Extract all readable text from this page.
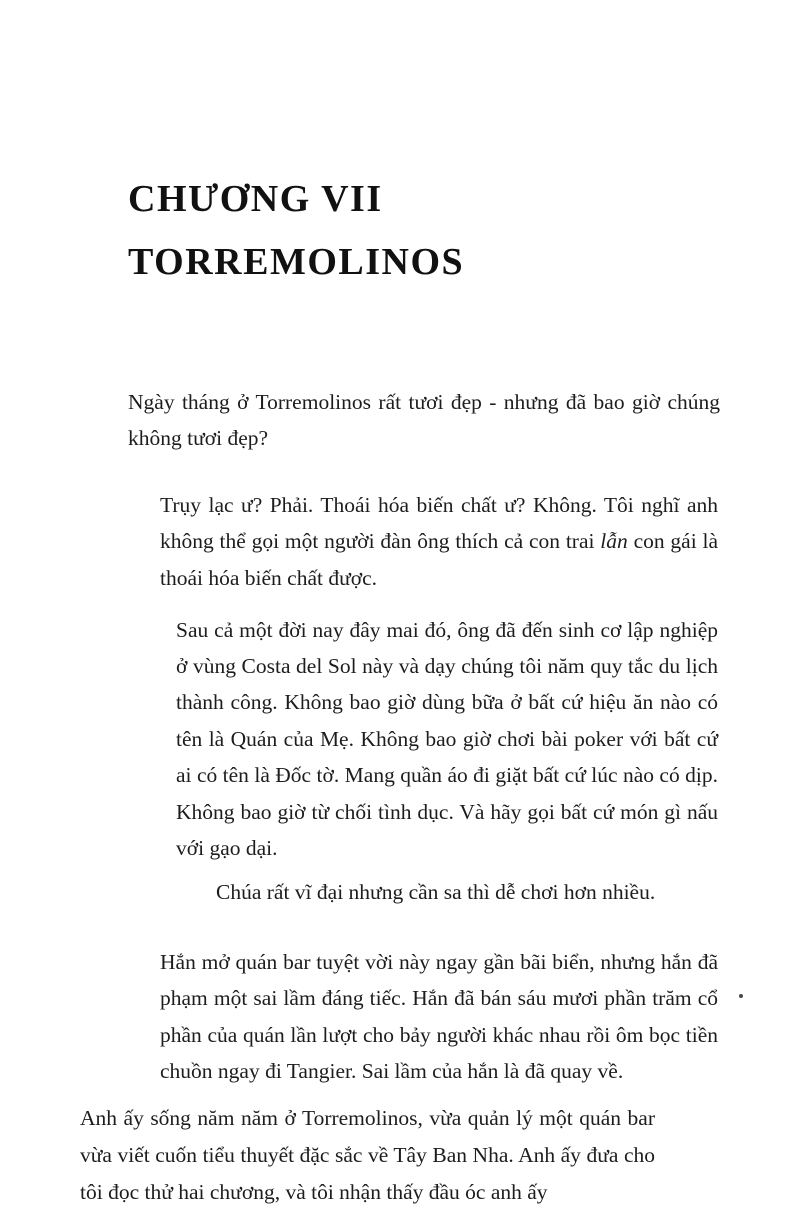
CHƯƠNG VII
TORREMOLINOS

Ngày tháng ở Torremolinos rất tươi đẹp - nhưng đã bao giờ chúng không tươi đẹp?

Trụy lạc ư? Phải. Thoái hóa biến chất ư? Không. Tôi nghĩ anh không thể gọi một người đàn ông thích cả con trai lẫn con gái là thoái hóa biến chất được.

Sau cả một đời nay đây mai đó, ông đã đến sinh cơ lập nghiệp ở vùng Costa del Sol này và dạy chúng tôi năm quy tắc du lịch thành công. Không bao giờ dùng bữa ở bất cứ hiệu ăn nào có tên là Quán của Mẹ. Không bao giờ chơi bài poker với bất cứ ai có tên là Đốc tờ. Mang quần áo đi giặt bất cứ lúc nào có dịp. Không bao giờ từ chối tình dục. Và hãy gọi bất cứ món gì nấu với gạo dại.

Chúa rất vĩ đại nhưng cần sa thì dễ chơi hơn nhiều.

Hắn mở quán bar tuyệt vời này ngay gần bãi biển, nhưng hắn đã phạm một sai lầm đáng tiếc. Hắn đã bán sáu mươi phần trăm cổ phần của quán lần lượt cho bảy người khác nhau rồi ôm bọc tiền chuồn ngay đi Tangier. Sai lầm của hắn là đã quay về.

Anh ấy sống năm năm ở Torremolinos, vừa quản lý một quán bar vừa viết cuốn tiểu thuyết đặc sắc về Tây Ban Nha. Anh ấy đưa cho tôi đọc thử hai chương, và tôi nhận thấy đầu óc anh ấy
